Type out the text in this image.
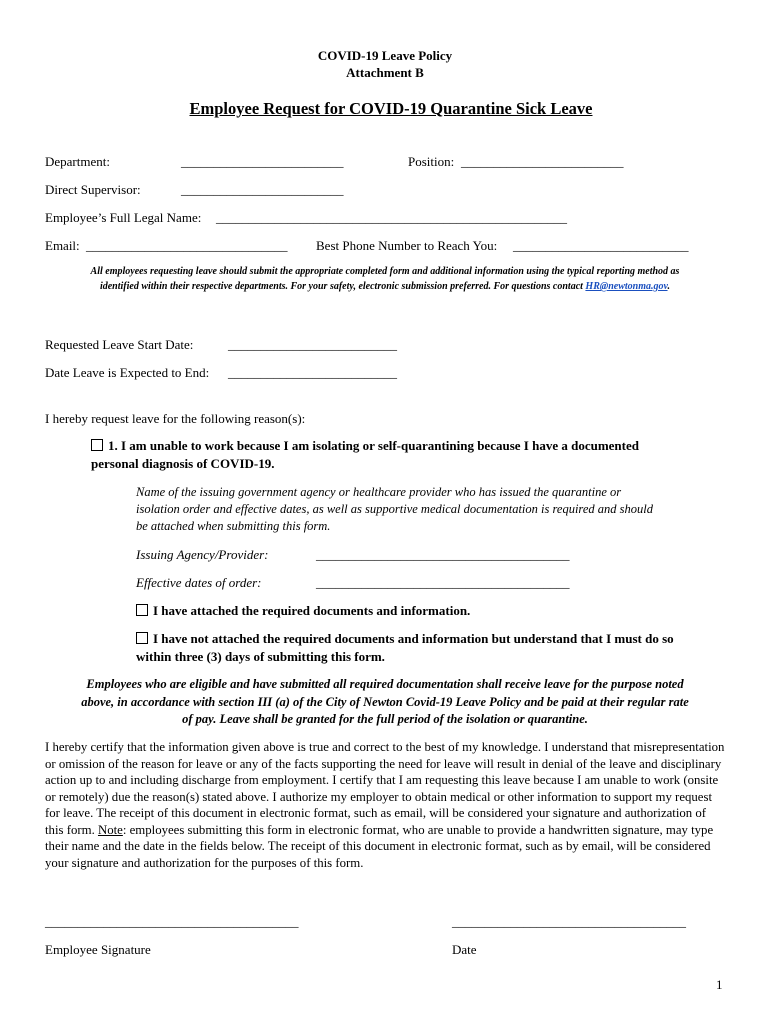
COVID-19 Leave Policy
Attachment B
Employee Request for COVID-19 Quarantine Sick Leave
Department:	_________________________	Position: _________________________
Direct Supervisor:	_________________________
Employee’s Full Legal Name: ______________________________________________________
Email: _______________________________ Best Phone Number to Reach You: ___________________________
All employees requesting leave should submit the appropriate completed form and additional information using the typical reporting method as
identified within their respective departments. For your safety, electronic submission preferred. For questions contact HR@newtonma.gov.
Requested Leave Start Date:	__________________________
Date Leave is Expected to End: __________________________
I hereby request leave for the following reason(s):
1. I am unable to work because I am isolating or self-quarantining because I have a documented
personal diagnosis of COVID-19.
Name of the issuing government agency or healthcare provider who has issued the quarantine or
isolation order and effective dates, as well as supportive medical documentation is required and should
be attached when submitting this form.
Issuing Agency/Provider:	_______________________________________
Effective dates of order:	_______________________________________
I have attached the required documents and information.
I have not attached the required documents and information but understand that I must do so
within three (3) days of submitting this form.
Employees who are eligible and have submitted all required documentation shall receive leave for the purpose noted
above, in accordance with section III (a) of the City of Newton Covid-19 Leave Policy and be paid at their regular rate
of pay. Leave shall be granted for the full period of the isolation or quarantine.
I hereby certify that the information given above is true and correct to the best of my knowledge. I understand that misrepresentation or omission of the reason for leave or any of the facts supporting the need for leave will result in denial of the leave and disciplinary action up to and including discharge from employment. I certify that I am requesting this leave because I am unable to work (onsite or remotely) due the reason(s) stated above. I authorize my employer to obtain medical or other information to support my request for leave. The receipt of this document in electronic format, such as email, will be considered your signature and authorization of this form. Note: employees submitting this form in electronic format, who are unable to provide a handwritten signature, may type their name and the date in the fields below. The receipt of this document in electronic format, such as by email, will be considered your signature and authorization for the purposes of this form.
_______________________________________	____________________________________
Employee Signature	Date
1
